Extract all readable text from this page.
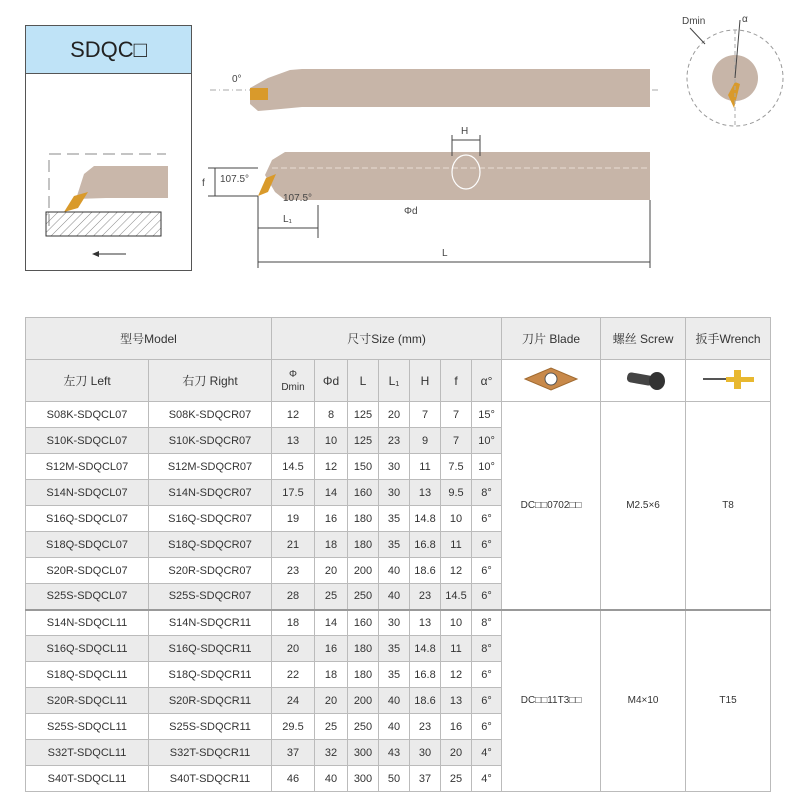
SDQC□
0°
H
Φd
f 107.5°
107.5°
L₁
L
Dmin	α
型号Model		尺寸Size (mm)							刀片 Blade	螺丝 Screw	扳手Wrench
左刀 Left	右刀 Right	Φ
Dmin	Φd	L	L₁	H	f	α°			
S08K-SDQCL07	S08K-SDQCR07	12	8	125	20	7	7	15°	DC□□0702□□	M2.5×6	T8
S10K-SDQCL07	S10K-SDQCR07	13	10	125	23	9	7	10°			
S12M-SDQCL07	S12M-SDQCR07	14.5	12	150	30	11	7.5	10°			
S14N-SDQCL07	S14N-SDQCR07	17.5	14	160	30	13	9.5	8°			
S16Q-SDQCL07	S16Q-SDQCR07	19	16	180	35	14.8	10	6°			
S18Q-SDQCL07	S18Q-SDQCR07	21	18	180	35	16.8	11	6°			
S20R-SDQCL07	S20R-SDQCR07	23	20	200	40	18.6	12	6°			
S25S-SDQCL07	S25S-SDQCR07	28	25	250	40	23	14.5	6°			
S14N-SDQCL11	S14N-SDQCR11	18	14	160	30	13	10	8°	DC□□11T3□□	M4×10	T15
S16Q-SDQCL11	S16Q-SDQCR11	20	16	180	35	14.8	11	8°			
S18Q-SDQCL11	S18Q-SDQCR11	22	18	180	35	16.8	12	6°			
S20R-SDQCL11	S20R-SDQCR11	24	20	200	40	18.6	13	6°			
S25S-SDQCL11	S25S-SDQCR11	29.5	25	250	40	23	16	6°			
S32T-SDQCL11	S32T-SDQCR11	37	32	300	43	30	20	4°			
S40T-SDQCL11	S40T-SDQCR11	46	40	300	50	37	25	4°			
